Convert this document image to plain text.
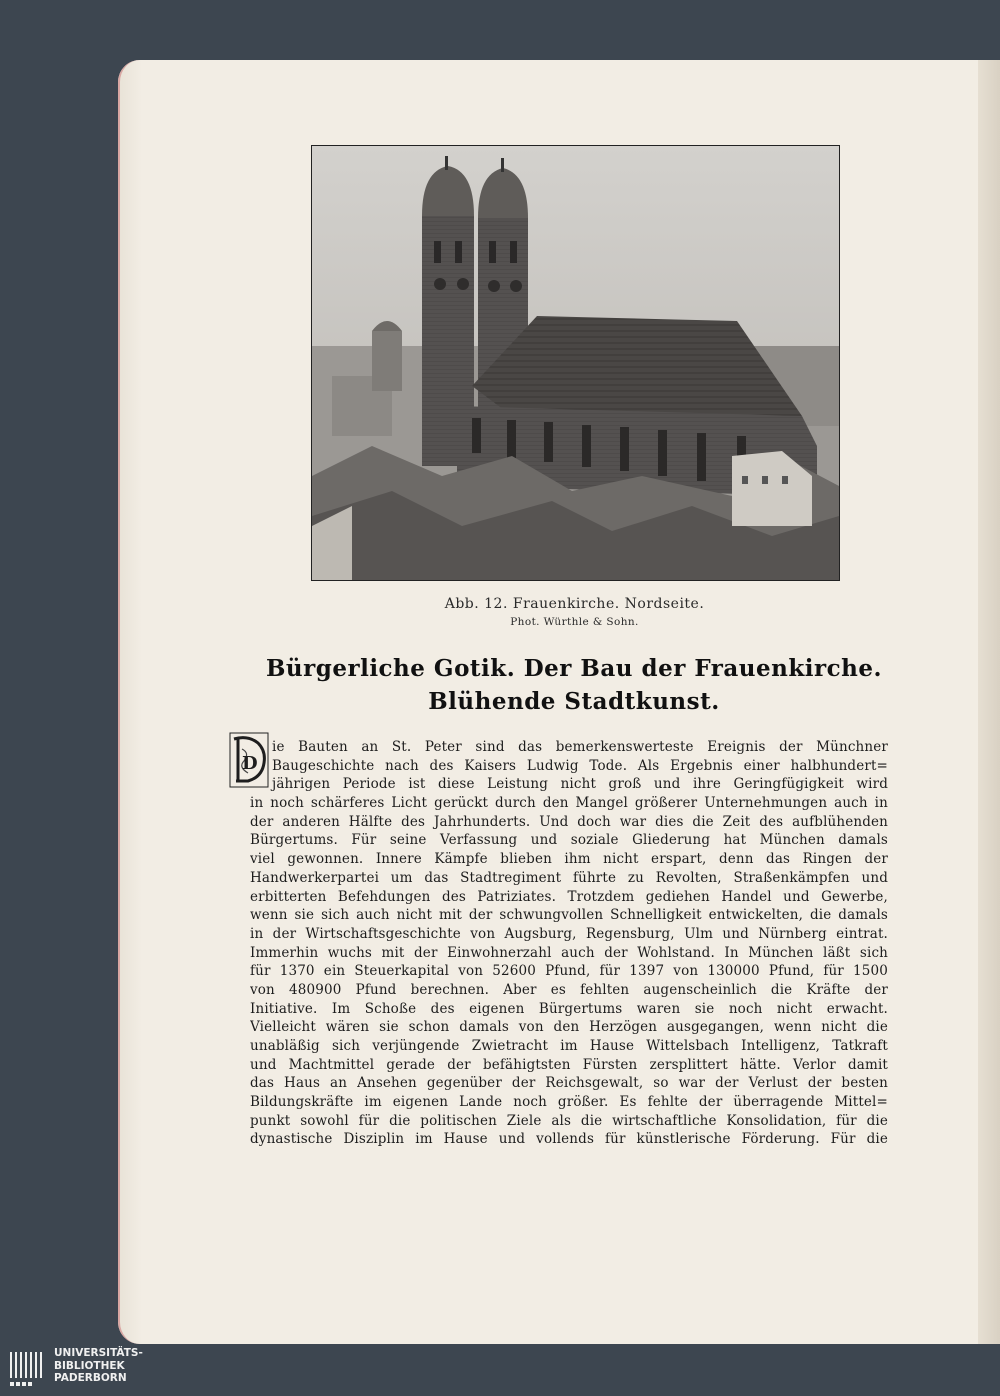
Abb. 12. Frauenkirche. Nordseite.
Phot. Würthle & Sohn.
Bürgerliche Gotik. Der Bau der Frauenkirche.
Blühende Stadtkunst.
D
ie Bauten an St. Peter sind das bemerkenswerteste Ereignis der Münchner
Baugeschichte nach des Kaisers Ludwig Tode. Als Ergebnis einer halbhundert=
jährigen Periode ist diese Leistung nicht groß und ihre Geringfügigkeit wird
in noch schärferes Licht gerückt durch den Mangel größerer Unternehmungen auch in
der anderen Hälfte des Jahrhunderts. Und doch war dies die Zeit des aufblühenden
Bürgertums. Für seine Verfassung und soziale Gliederung hat München damals
viel gewonnen. Innere Kämpfe blieben ihm nicht erspart, denn das Ringen der
Handwerkerpartei um das Stadtregiment führte zu Revolten, Straßenkämpfen und
erbitterten Befehdungen des Patriziates. Trotzdem gediehen Handel und Gewerbe,
wenn sie sich auch nicht mit der schwungvollen Schnelligkeit entwickelten, die damals
in der Wirtschaftsgeschichte von Augsburg, Regensburg, Ulm und Nürnberg eintrat.
Immerhin wuchs mit der Einwohnerzahl auch der Wohlstand. In München läßt sich
für 1370 ein Steuerkapital von 52600 Pfund, für 1397 von 130000 Pfund, für 1500
von 480900 Pfund berechnen. Aber es fehlten augenscheinlich die Kräfte der
Initiative. Im Schoße des eigenen Bürgertums waren sie noch nicht erwacht.
Vielleicht wären sie schon damals von den Herzögen ausgegangen, wenn nicht die
unabläßig sich verjüngende Zwietracht im Hause Wittelsbach Intelligenz, Tatkraft
und Machtmittel gerade der befähigtsten Fürsten zersplittert hätte. Verlor damit
das Haus an Ansehen gegenüber der Reichsgewalt, so war der Verlust der besten
Bildungskräfte im eigenen Lande noch größer. Es fehlte der überragende Mittel=
punkt sowohl für die politischen Ziele als die wirtschaftliche Konsolidation, für die
dynastische Disziplin im Hause und vollends für künstlerische Förderung. Für die
UNIVERSITÄTS-
BIBLIOTHEK
PADERBORN
